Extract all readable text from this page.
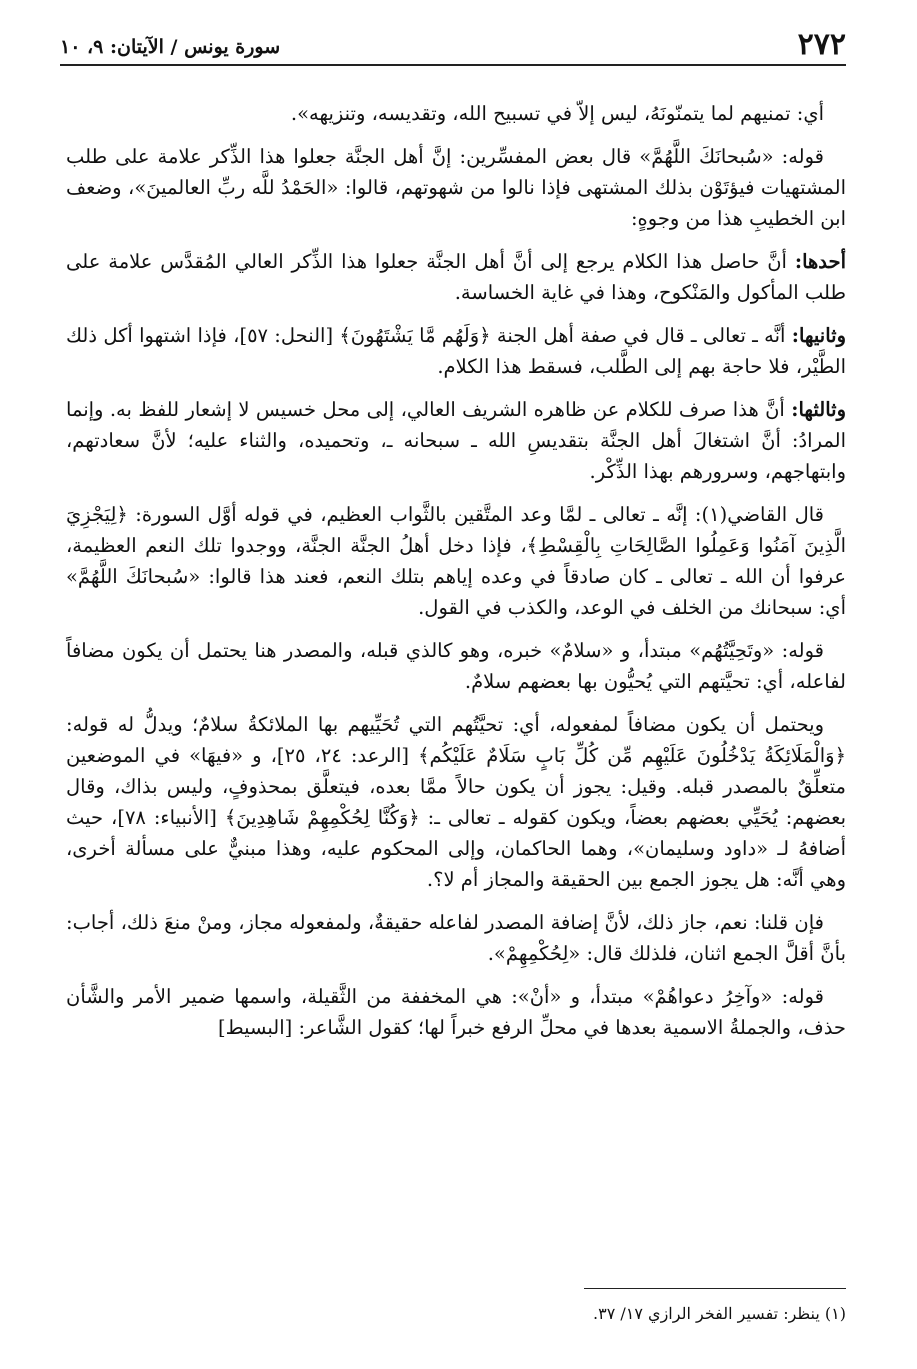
٢٧٢
سورة يونس / الآيتان: ٩، ١٠

أي: تمنيهم لما يتمنّونَهُ، ليس إلاّ في تسبيح الله، وتقديسه، وتنزيهه».

قوله: «سُبحانَكَ اللَّهُمَّ» قال بعض المفسِّرين: إنَّ أهل الجنَّة جعلوا هذا الذِّكر علامة على طلب المشتهيات فيؤتَوْن بذلك المشتهى فإذا نالوا من شهوتهم، قالوا: «الحَمْدُ للَّه ربِّ العالمينَ»، وضعف ابن الخطيبِ هذا من وجوهٍ:

أحدها: أنَّ حاصل هذا الكلام يرجع إلى أنَّ أهل الجنَّة جعلوا هذا الذِّكر العالي المُقدَّس علامة على طلب المأكول والمَنْكوح، وهذا في غاية الخساسة.

وثانيها: أنَّه ـ تعالى ـ قال في صفة أهل الجنة ﴿وَلَهُم مَّا يَشْتَهُونَ﴾ [النحل: ٥٧]، فإذا اشتهوا أكل ذلك الطَّيْر، فلا حاجة بهم إلى الطَّلب، فسقط هذا الكلام.

وثالثها: أنَّ هذا صرف للكلام عن ظاهره الشريف العالي، إلى محل خسيس لا إشعار للفظ به. وإنما المرادُ: أنَّ اشتغالَ أهل الجنَّة بتقديسِ الله ـ سبحانه ـ، وتحميده، والثناء عليه؛ لأنَّ سعادتهم، وابتهاجهم، وسرورهم بهذا الذِّكْر.

قال القاضي(١): إنَّه ـ تعالى ـ لمَّا وعد المتَّقين بالثَّواب العظيم، في قوله أوَّل السورة: ﴿لِيَجْزِيَ الَّذِينَ آمَنُوا وَعَمِلُوا الصَّالِحَاتِ بِالْقِسْطِ﴾، فإذا دخل أهلُ الجنَّة الجنَّة، ووجدوا تلك النعم العظيمة، عرفوا أن الله ـ تعالى ـ كان صادقاً في وعده إياهم بتلك النعم، فعند هذا قالوا: «سُبحانَكَ اللَّهُمَّ» أي: سبحانك من الخلف في الوعد، والكذب في القول.

قوله: «وتَحِيَّتُهُم» مبتدأ، و «سلامٌ» خبره، وهو كالذي قبله، والمصدر هنا يحتمل أن يكون مضافاً لفاعله، أي: تحيَّتهم التي يُحيُّون بها بعضهم سلامٌ.

ويحتمل أن يكون مضافاً لمفعوله، أي: تحيَّتُهم التي تُحَيِّيهم بها الملائكةُ سلامٌ؛ ويدلُّ له قوله: ﴿وَالْمَلَائِكَةُ يَدْخُلُونَ عَلَيْهِم مِّن كُلِّ بَابٍ سَلَامٌ عَلَيْكُم﴾ [الرعد: ٢٤، ٢٥]، و «فيهَا» في الموضعين متعلِّقٌ بالمصدر قبله. وقيل: يجوز أن يكون حالاً ممَّا بعده، فيتعلَّق بمحذوفٍ، وليس بذاك، وقال بعضهم: يُحَيِّي بعضهم بعضاً، ويكون كقوله ـ تعالى ـ: ﴿وَكُنَّا لِحُكْمِهِمْ شَاهِدِينَ﴾ [الأنبياء: ٧٨]، حيث أضافهُ لـ «داود وسليمان»، وهما الحاكمان، وإلى المحكوم عليه، وهذا مبنيٌّ على مسألة أخرى، وهي أنَّه: هل يجوز الجمع بين الحقيقة والمجاز أم لا؟.

فإن قلنا: نعم، جاز ذلك، لأنَّ إضافة المصدر لفاعله حقيقةٌ، ولمفعوله مجاز، ومنْ منعَ ذلك، أجاب: بأنَّ أقلَّ الجمع اثنان، فلذلك قال: «لِحُكْمِهِمْ».

قوله: «وآخِرُ دعواهُمْ» مبتدأ، و «أنْ»: هي المخففة من الثَّقيلة، واسمها ضمير الأمر والشَّأن حذف، والجملةُ الاسمية بعدها في محلِّ الرفع خبراً لها؛ كقول الشَّاعر: [البسيط]

(١) ينظر: تفسير الفخر الرازي ١٧/ ٣٧.
